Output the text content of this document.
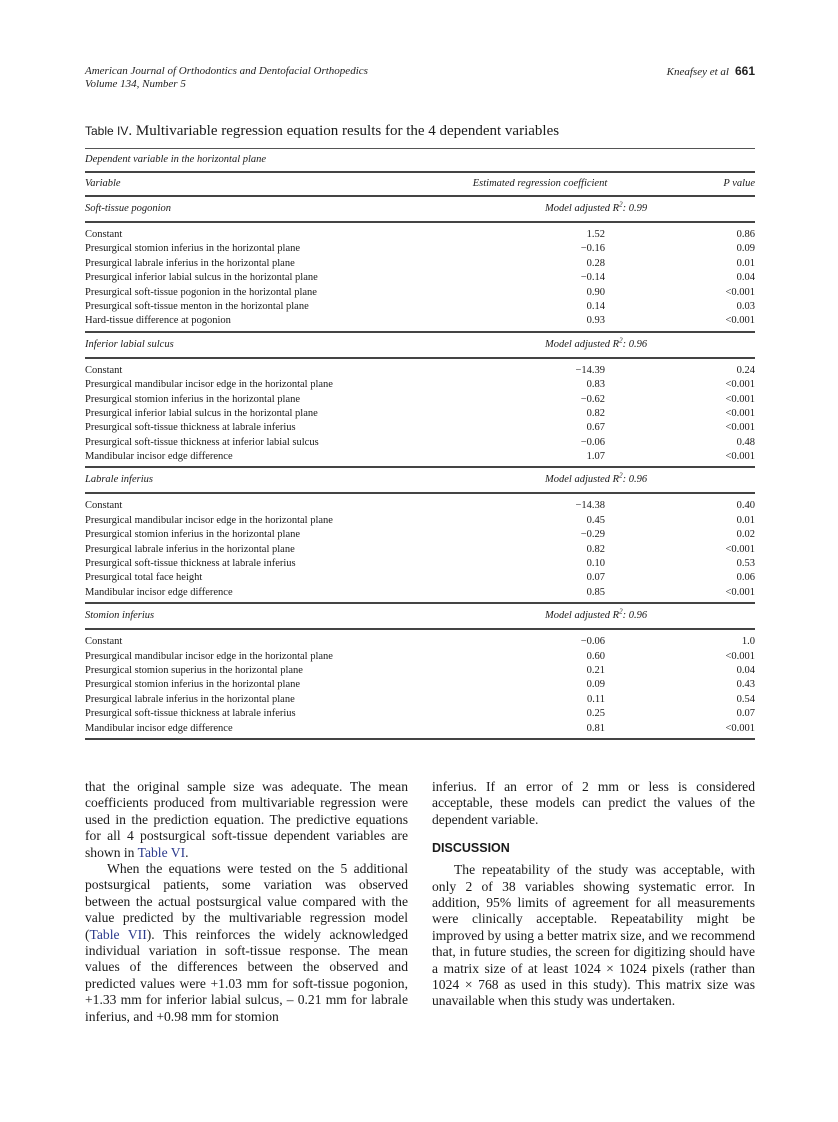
American Journal of Orthodontics and Dentofacial Orthopedics
Volume 134, Number 5
Kneafsey et al 661
Table IV. Multivariable regression equation results for the 4 dependent variables
Dependent variable in the horizontal plane
Variable	Estimated regression coefficient	P value
Soft-tissue pogonion	Model adjusted $R^2$: 0.99
Constant	1.52	0.86
Presurgical stomion inferius in the horizontal plane	−0.16	0.09
Presurgical labrale inferius in the horizontal plane	0.28	0.01
Presurgical inferior labial sulcus in the horizontal plane	−0.14	0.04
Presurgical soft-tissue pogonion in the horizontal plane	0.90	<0.001
Presurgical soft-tissue menton in the horizontal plane	0.14	0.03
Hard-tissue difference at pogonion	0.93	<0.001
Inferior labial sulcus	Model adjusted $R^2$: 0.96
Constant	−14.39	0.24
Presurgical mandibular incisor edge in the horizontal plane	0.83	<0.001
Presurgical stomion inferius in the horizontal plane	−0.62	<0.001
Presurgical inferior labial sulcus in the horizontal plane	0.82	<0.001
Presurgical soft-tissue thickness at labrale inferius	0.67	<0.001
Presurgical soft-tissue thickness at inferior labial sulcus	−0.06	0.48
Mandibular incisor edge difference	1.07	<0.001
Labrale inferius	Model adjusted $R^2$: 0.96
Constant	−14.38	0.40
Presurgical mandibular incisor edge in the horizontal plane	0.45	0.01
Presurgical stomion inferius in the horizontal plane	−0.29	0.02
Presurgical labrale inferius in the horizontal plane	0.82	<0.001
Presurgical soft-tissue thickness at labrale inferius	0.10	0.53
Presurgical total face height	0.07	0.06
Mandibular incisor edge difference	0.85	<0.001
Stomion inferius	Model adjusted $R^2$: 0.96
Constant	−0.06	1.0
Presurgical mandibular incisor edge in the horizontal plane	0.60	<0.001
Presurgical stomion superius in the horizontal plane	0.21	0.04
Presurgical stomion inferius in the horizontal plane	0.09	0.43
Presurgical labrale inferius in the horizontal plane	0.11	0.54
Presurgical soft-tissue thickness at labrale inferius	0.25	0.07
Mandibular incisor edge difference	0.81	<0.001

that the original sample size was adequate. The mean coefficients produced from multivariable regression were used in the prediction equation. The predictive equations for all 4 postsurgical soft-tissue dependent variables are shown in Table VI.

When the equations were tested on the 5 additional postsurgical patients, some variation was observed between the actual postsurgical value compared with the value predicted by the multivariable regression model (Table VII). This reinforces the widely acknowledged individual variation in soft-tissue response. The mean values of the differences between the observed and predicted values were +1.03 mm for soft-tissue pogonion, +1.33 mm for inferior labial sulcus, – 0.21 mm for labrale inferius, and +0.98 mm for stomion

inferius. If an error of 2 mm or less is considered acceptable, these models can predict the values of the dependent variable.

DISCUSSION

The repeatability of the study was acceptable, with only 2 of 38 variables showing systematic error. In addition, 95% limits of agreement for all measurements were clinically acceptable. Repeatability might be improved by using a better matrix size, and we recommend that, in future studies, the screen for digitizing should have a matrix size of at least 1024 × 1024 pixels (rather than 1024 × 768 as used in this study). This matrix size was unavailable when this study was undertaken.
